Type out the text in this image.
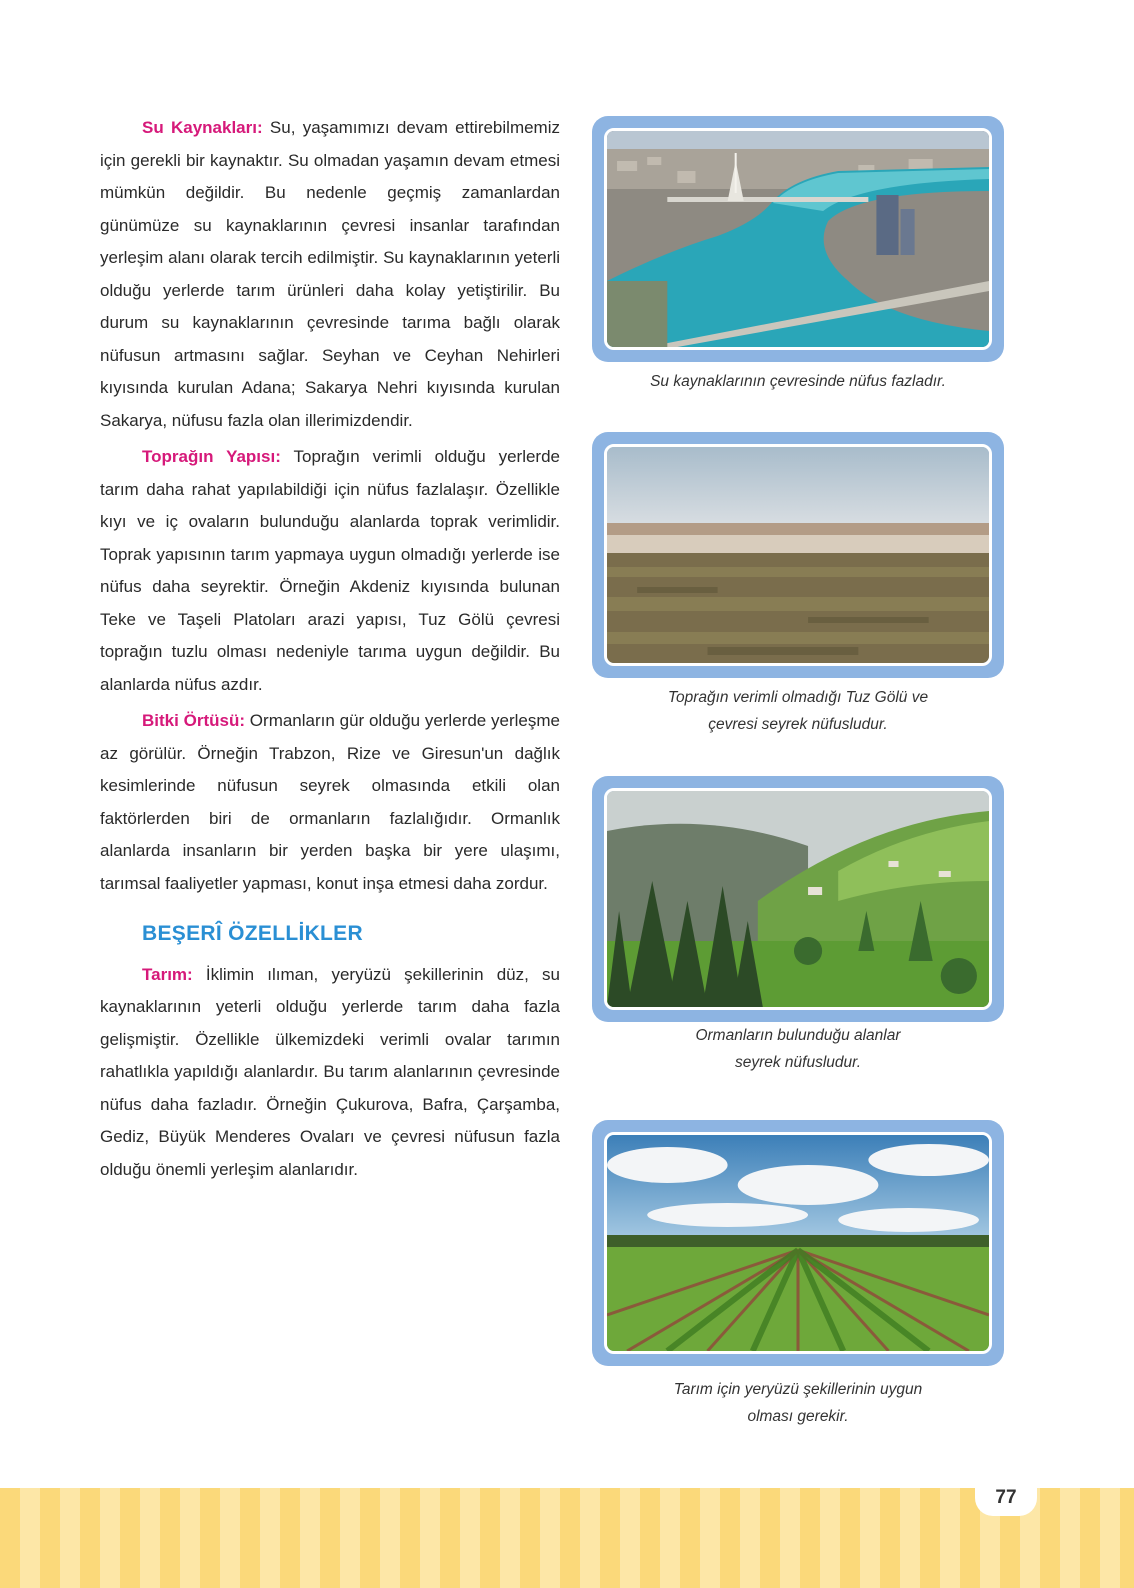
Su Kaynakları: Su, yaşamımızı devam ettirebilmemiz için gerekli bir kaynaktır. Su olmadan yaşamın devam etmesi mümkün değildir. Bu nedenle geçmiş zamanlardan günümüze su kaynaklarının çevresi insanlar tarafından yerleşim alanı olarak tercih edilmiştir. Su kaynaklarının yeterli olduğu yerlerde tarım ürünleri daha kolay yetiştirilir. Bu durum su kaynaklarının çevresinde tarıma bağlı olarak nüfusun artmasını sağlar. Seyhan ve Ceyhan Nehirleri kıyısında kurulan Adana; Sakarya Nehri kıyısında kurulan Sakarya, nüfusu fazla olan illerimizdendir.

Toprağın Yapısı: Toprağın verimli olduğu yerlerde tarım daha rahat yapılabildiği için nüfus fazlalaşır. Özellikle kıyı ve iç ovaların bulunduğu alanlarda toprak verimlidir. Toprak yapısının tarım yapmaya uygun olmadığı yerlerde ise nüfus daha seyrektir. Örneğin Akdeniz kıyısında bulunan Teke ve Taşeli Platoları arazi yapısı, Tuz Gölü çevresi toprağın tuzlu olması nedeniyle tarıma uygun değildir. Bu alanlarda nüfus azdır.

Bitki Örtüsü: Ormanların gür olduğu yerlerde yerleşme az görülür. Örneğin Trabzon, Rize ve Giresun'un dağlık kesimlerinde nüfusun seyrek olmasında etkili olan faktörlerden biri de ormanların fazlalığıdır. Ormanlık alanlarda insanların bir yerden başka bir yere ulaşımı, tarımsal faaliyetler yapması, konut inşa etmesi daha zordur.

BEŞERÎ ÖZELLİKLER

Tarım: İklimin ılıman, yeryüzü şekillerinin düz, su kaynaklarının yeterli olduğu yerlerde tarım daha fazla gelişmiştir. Özellikle ülkemizdeki verimli ovalar tarımın rahatlıkla yapıldığı alanlardır. Bu tarım alanlarının çevresinde nüfus daha fazladır. Örneğin Çukurova, Bafra, Çarşamba, Gediz, Büyük Menderes Ovaları ve çevresi nüfusun fazla olduğu önemli yerleşim alanlarıdır.

Su kaynaklarının çevresinde nüfus fazladır.
Toprağın verimli olmadığı Tuz Gölü ve
çevresi seyrek nüfusludur.
Ormanların bulunduğu alanlar
seyrek nüfusludur.
Tarım için yeryüzü şekillerinin uygun
olması gerekir.
77
